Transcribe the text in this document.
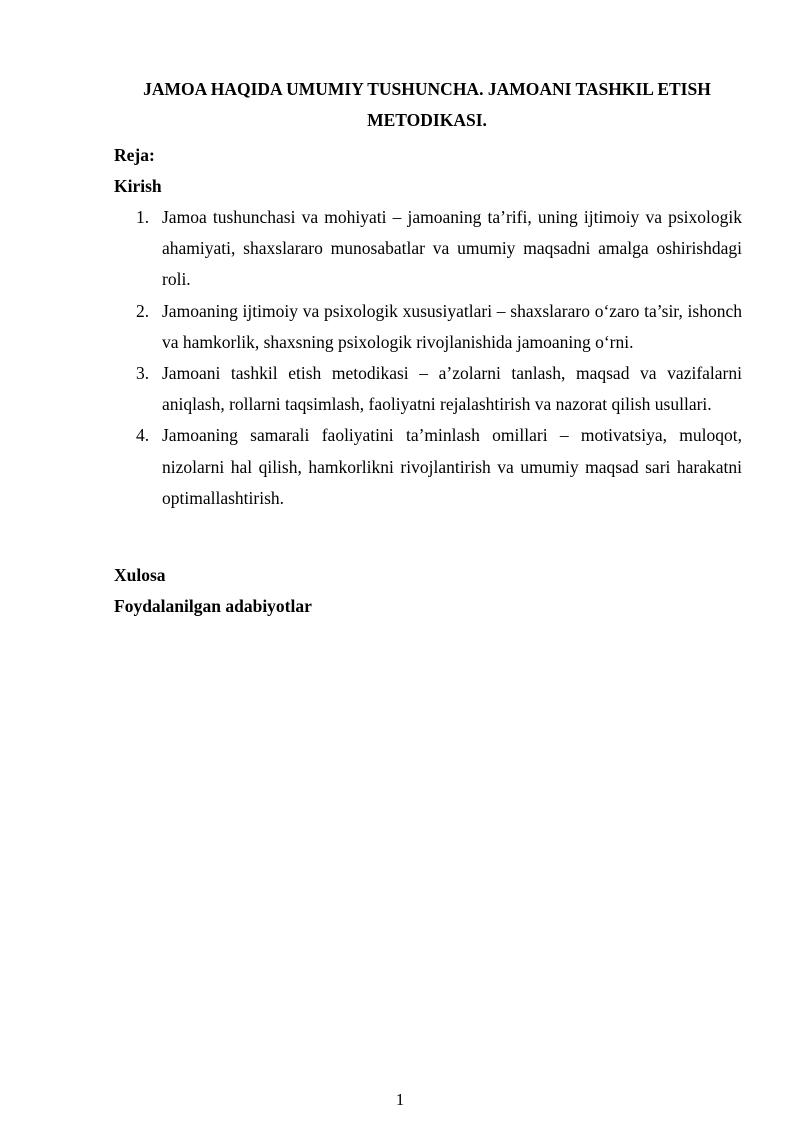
JAMOA HAQIDA UMUMIY TUSHUNCHA. JAMOANI TASHKIL ETISH METODIKASI.
Reja:
Kirish
1. Jamoa tushunchasi va mohiyati – jamoaning ta’rifi, uning ijtimoiy va psixologik ahamiyati, shaxslararo munosabatlar va umumiy maqsadni amalga oshirishdagi roli.
2. Jamoaning ijtimoiy va psixologik xususiyatlari – shaxslararo o‘zaro ta’sir, ishonch va hamkorlik, shaxsning psixologik rivojlanishida jamoaning o‘rni.
3. Jamoani tashkil etish metodikasi – a’zolarni tanlash, maqsad va vazifalarni aniqlash, rollarni taqsimlash, faoliyatni rejalashtirish va nazorat qilish usullari.
4. Jamoaning samarali faoliyatini ta’minlash omillari – motivatsiya, muloqot, nizolarni hal qilish, hamkorlikni rivojlantirish va umumiy maqsad sari harakatni optimallashtirish.
Xulosa
Foydalanilgan adabiyotlar
1
